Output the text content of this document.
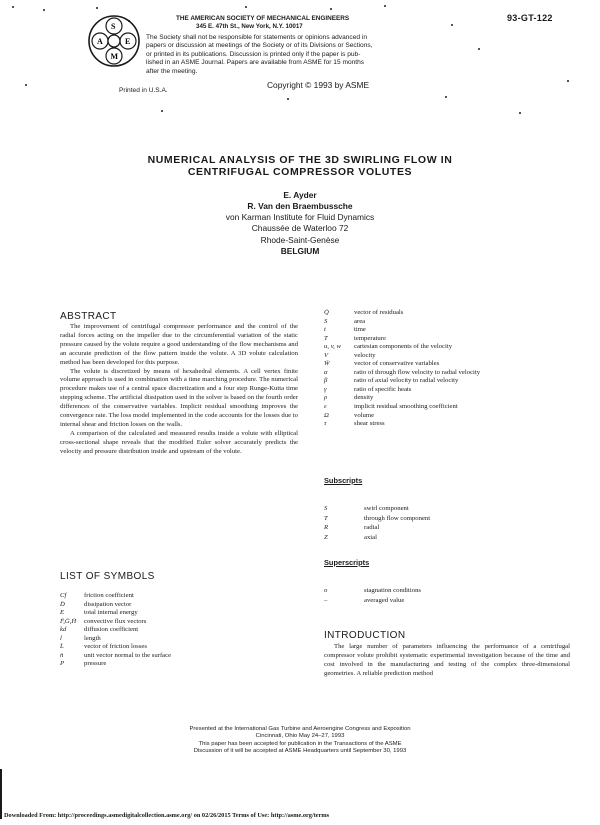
S
E
M
A
THE AMERICAN SOCIETY OF MECHANICAL ENGINEERS
345 E. 47th St., New York, N.Y. 10017
93-GT-122
The Society shall not be responsible for statements or opinions advanced in
papers or discussion at meetings of the Society or of its Divisions or Sections,
or printed in its publications. Discussion is printed only if the paper is pub-
lished in an ASME Journal. Papers are available from ASME for 15 months
after the meeting.
Printed in U.S.A.
Copyright © 1993 by ASME
NUMERICAL ANALYSIS OF THE 3D SWIRLING FLOW IN
CENTRIFUGAL COMPRESSOR VOLUTES
E. Ayder
R. Van den Braembussche
von Karman Institute for Fluid Dynamics
Chaussée de Waterloo 72
Rhode-Saint-Genèse
BELGIUM
ABSTRACT

The improvement of centrifugal compressor performance and the control of the radial forces acting on the impeller due to the circumferential variation of the static pressure caused by the volute require a good understanding of the flow mechanisms and an accurate prediction of the flow pattern inside the volute. A 3D volute calculation method has been developed for this purpose.

The volute is discretized by means of hexahedral elements. A cell vertex finite volume approach is used in combination with a time marching procedure. The numerical procedure makes use of a central space discretization and a four step Runge-Kutta time stepping scheme. The artificial dissipation used in the solver is based on the fourth order differences of the conservative variables. Implicit residual smoothing improves the convergence rate. The loss model implemented in the code accounts for the losses due to internal shear and friction losses on the walls.

A comparison of the calculated and measured results inside a volute with elliptical cross-sectional shape reveals that the modified Euler solver accurately predicts the velocity and pressure distribution inside and upstream of the volute.

LIST OF SYMBOLS
Cf	friction coefficient
D̄	dissipation vector
E	total internal energy
F̄,Ḡ,H̄	convective flux vectors
kd	diffusion coefficient
l	length
L̄	vector of friction losses
n̄	unit vector normal to the surface
P	pressure
Q̄	vector of residuals
S	area
t	time
T	temperature
u, v, w	cartesian components of the velocity
V	velocity
W̄	vector of conservative variables
α	ratio of through flow velocity to radial velocity
β	ratio of axial velocity to radial velocity
γ	ratio of specific heats
ρ	density
ε	implicit residual smoothing coefficient
Ω	volume
τ	shear stress
Subscripts
S	swirl component
T	through flow component
R	radial
Z	axial
Superscripts
o	stagnation conditions
–	averaged value
INTRODUCTION

The large number of parameters influencing the performance of a centrifugal compressor volute prohibit systematic experimental investigation because of the time and cost involved in the manufacturing and testing of the complex three-dimensional geometries. A reliable prediction method

Presented at the International Gas Turbine and Aeroengine Congress and Exposition
Cincinnati, Ohio May 24–27, 1993
This paper has been accepted for publication in the Transactions of the ASME
Discussion of it will be accepted at ASME Headquarters until September 30, 1993
Downloaded From: http://proceedings.asmedigitalcollection.asme.org/ on 02/26/2015 Terms of Use: http://asme.org/terms
